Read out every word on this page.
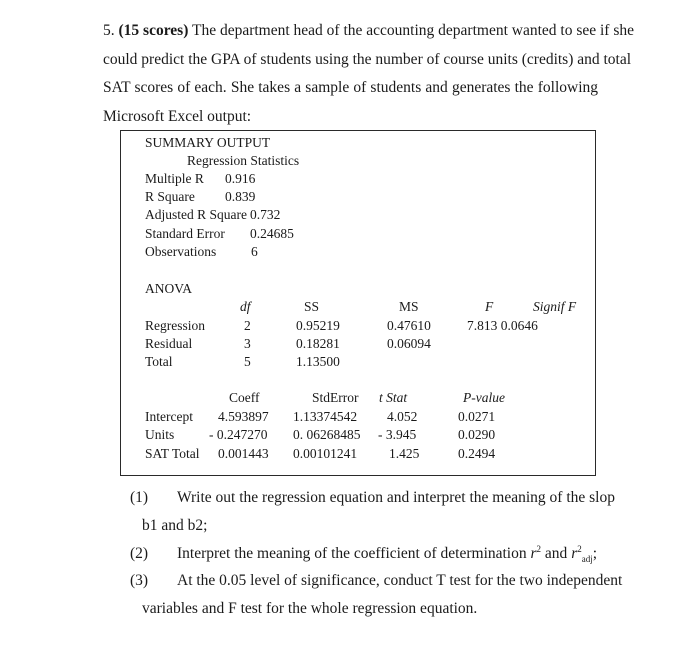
5. (15 scores) The department head of the accounting department wanted to see if she
could predict the GPA of students using the number of course units (credits) and total
SAT scores of each. She takes a sample of students and generates the following
Microsoft Excel output:
SUMMARY OUTPUT
Regression Statistics
Multiple R 0.916
R Square 0.839
Adjusted R Square 0.732
Standard Error 0.24685
Observations	6
ANOVA
df	SS	MS	F	Signif F
Regression	2	0.95219	0.47610	7.813 0.0646
Residual	3	0.18281	0.06094
Total	5	1.13500
Coeff	StdError t Stat	P-value
Intercept 4.593897 1.13374542 4.052	0.0271
Units	- 0.247270 0. 06268485 - 3.945	0.0290
SAT Total 0.001443 0.00101241 1.425	0.2494
(1) Write out the regression equation and interpret the meaning of the slop
b1 and b2;
(2) Interpret the meaning of the coefficient of determination $r^2$ and $r^2_{adj}$;
(3) At the 0.05 level of significance, conduct T test for the two independent
variables and F test for the whole regression equation.
